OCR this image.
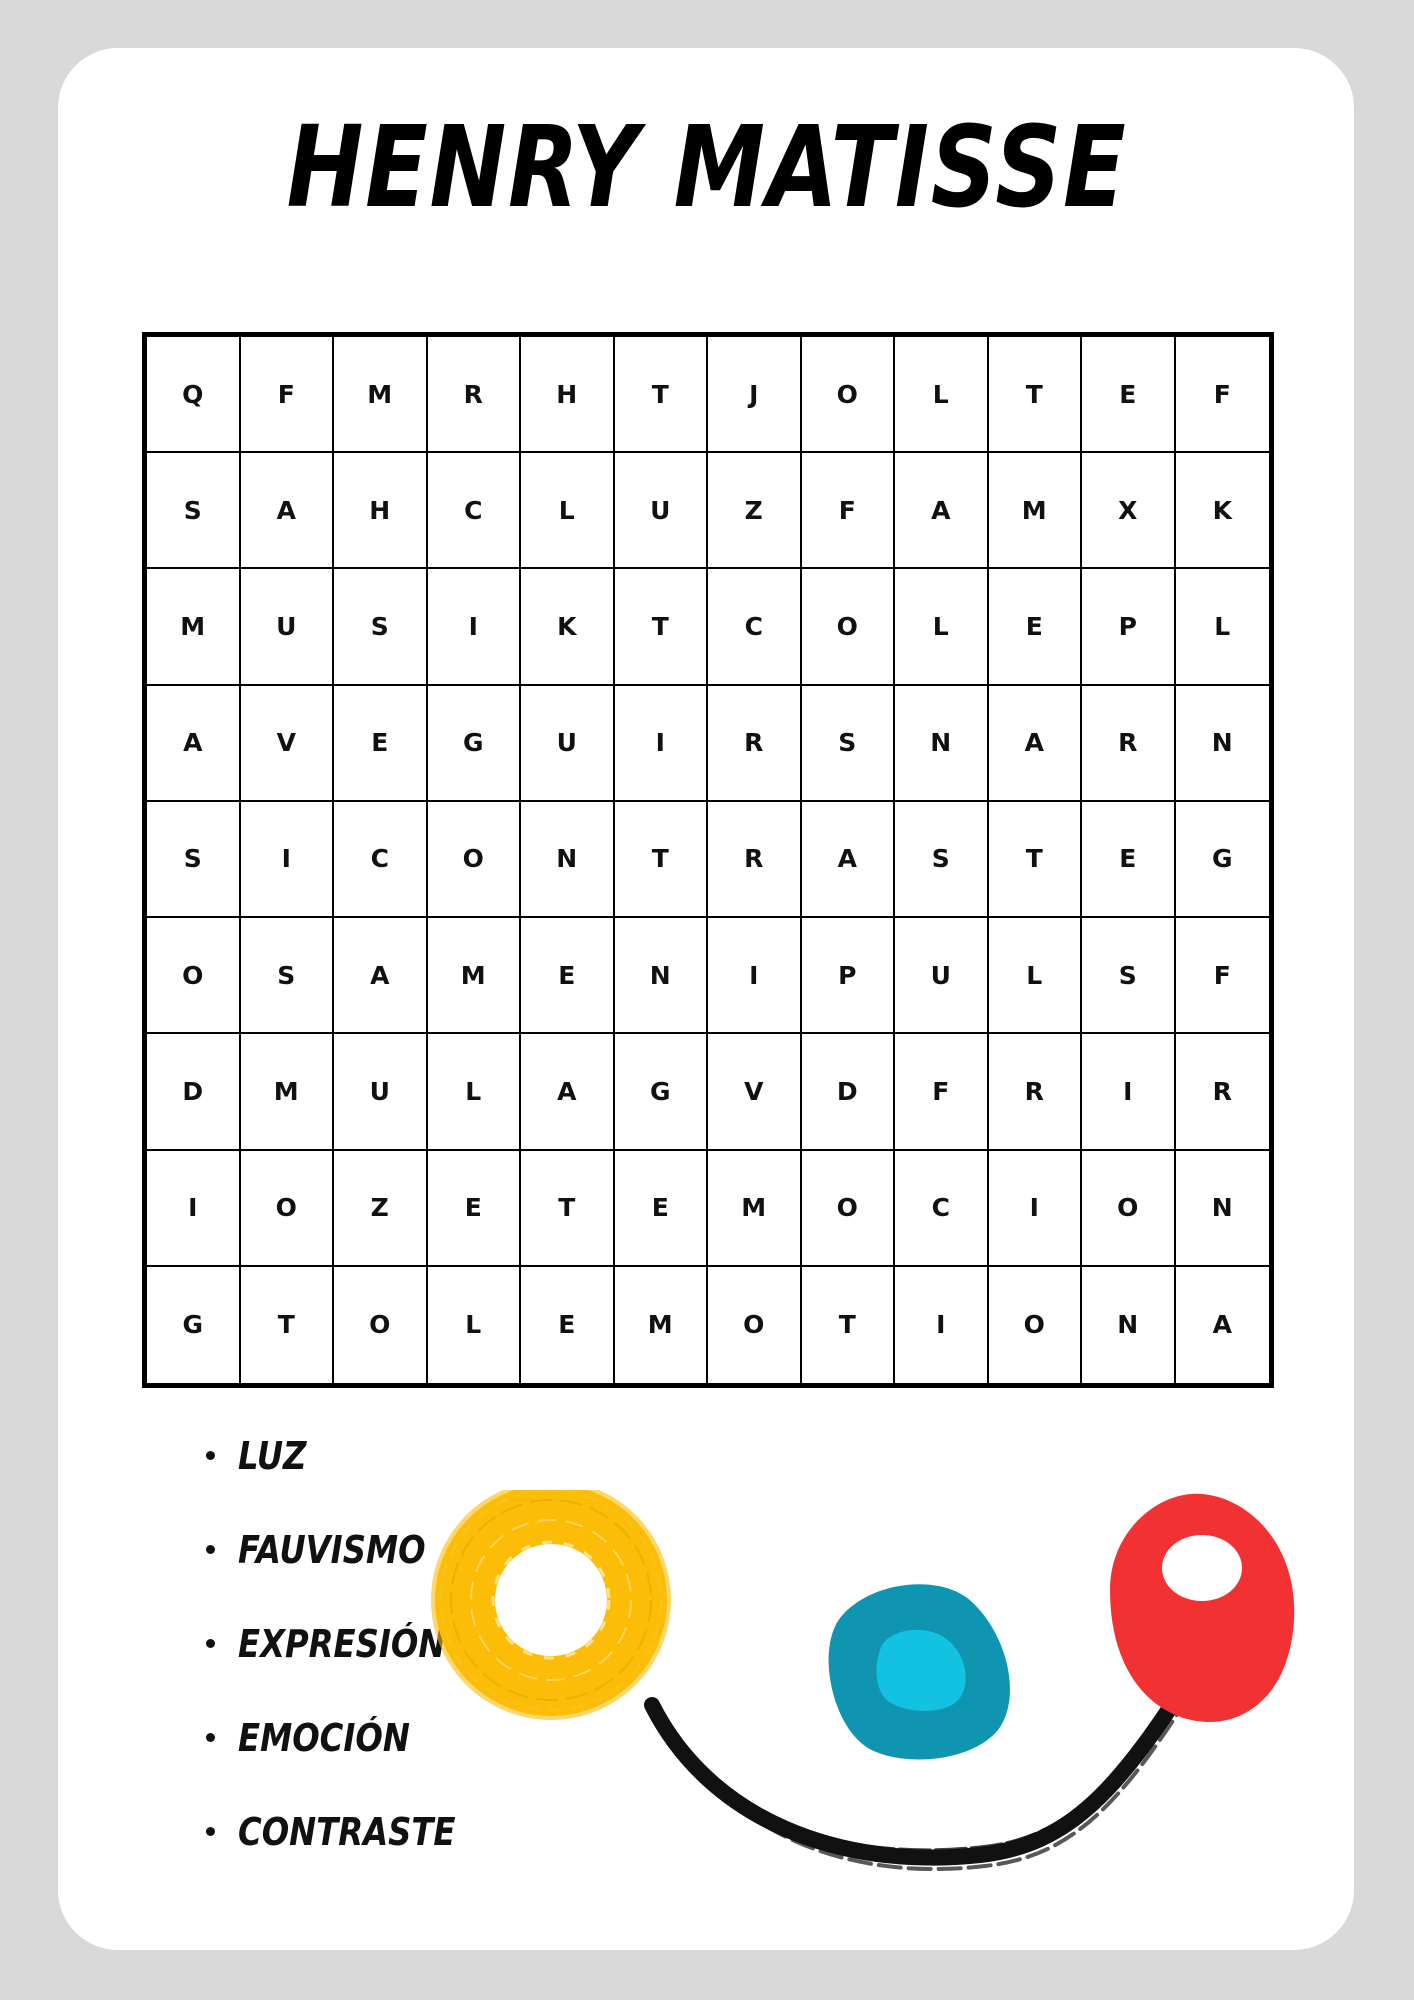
HENRY MATISSE
Q	F	M	R	H	T	J	O	L	T	E	F
S	A	H	C	L	U	Z	F	A	M	X	K
M	U	S	I	K	T	C	O	L	E	P	L
A	V	E	G	U	I	R	S	N	A	R	N
S	I	C	O	N	T	R	A	S	T	E	G
O	S	A	M	E	N	I	P	U	L	S	F
D	M	U	L	A	G	V	D	F	R	I	R
I	O	Z	E	T	E	M	O	C	I	O	N
G	T	O	L	E	M	O	T	I	O	N	A
LUZ
FAUVISMO
EXPRESIÓN
EMOCIÓN
CONTRASTE
